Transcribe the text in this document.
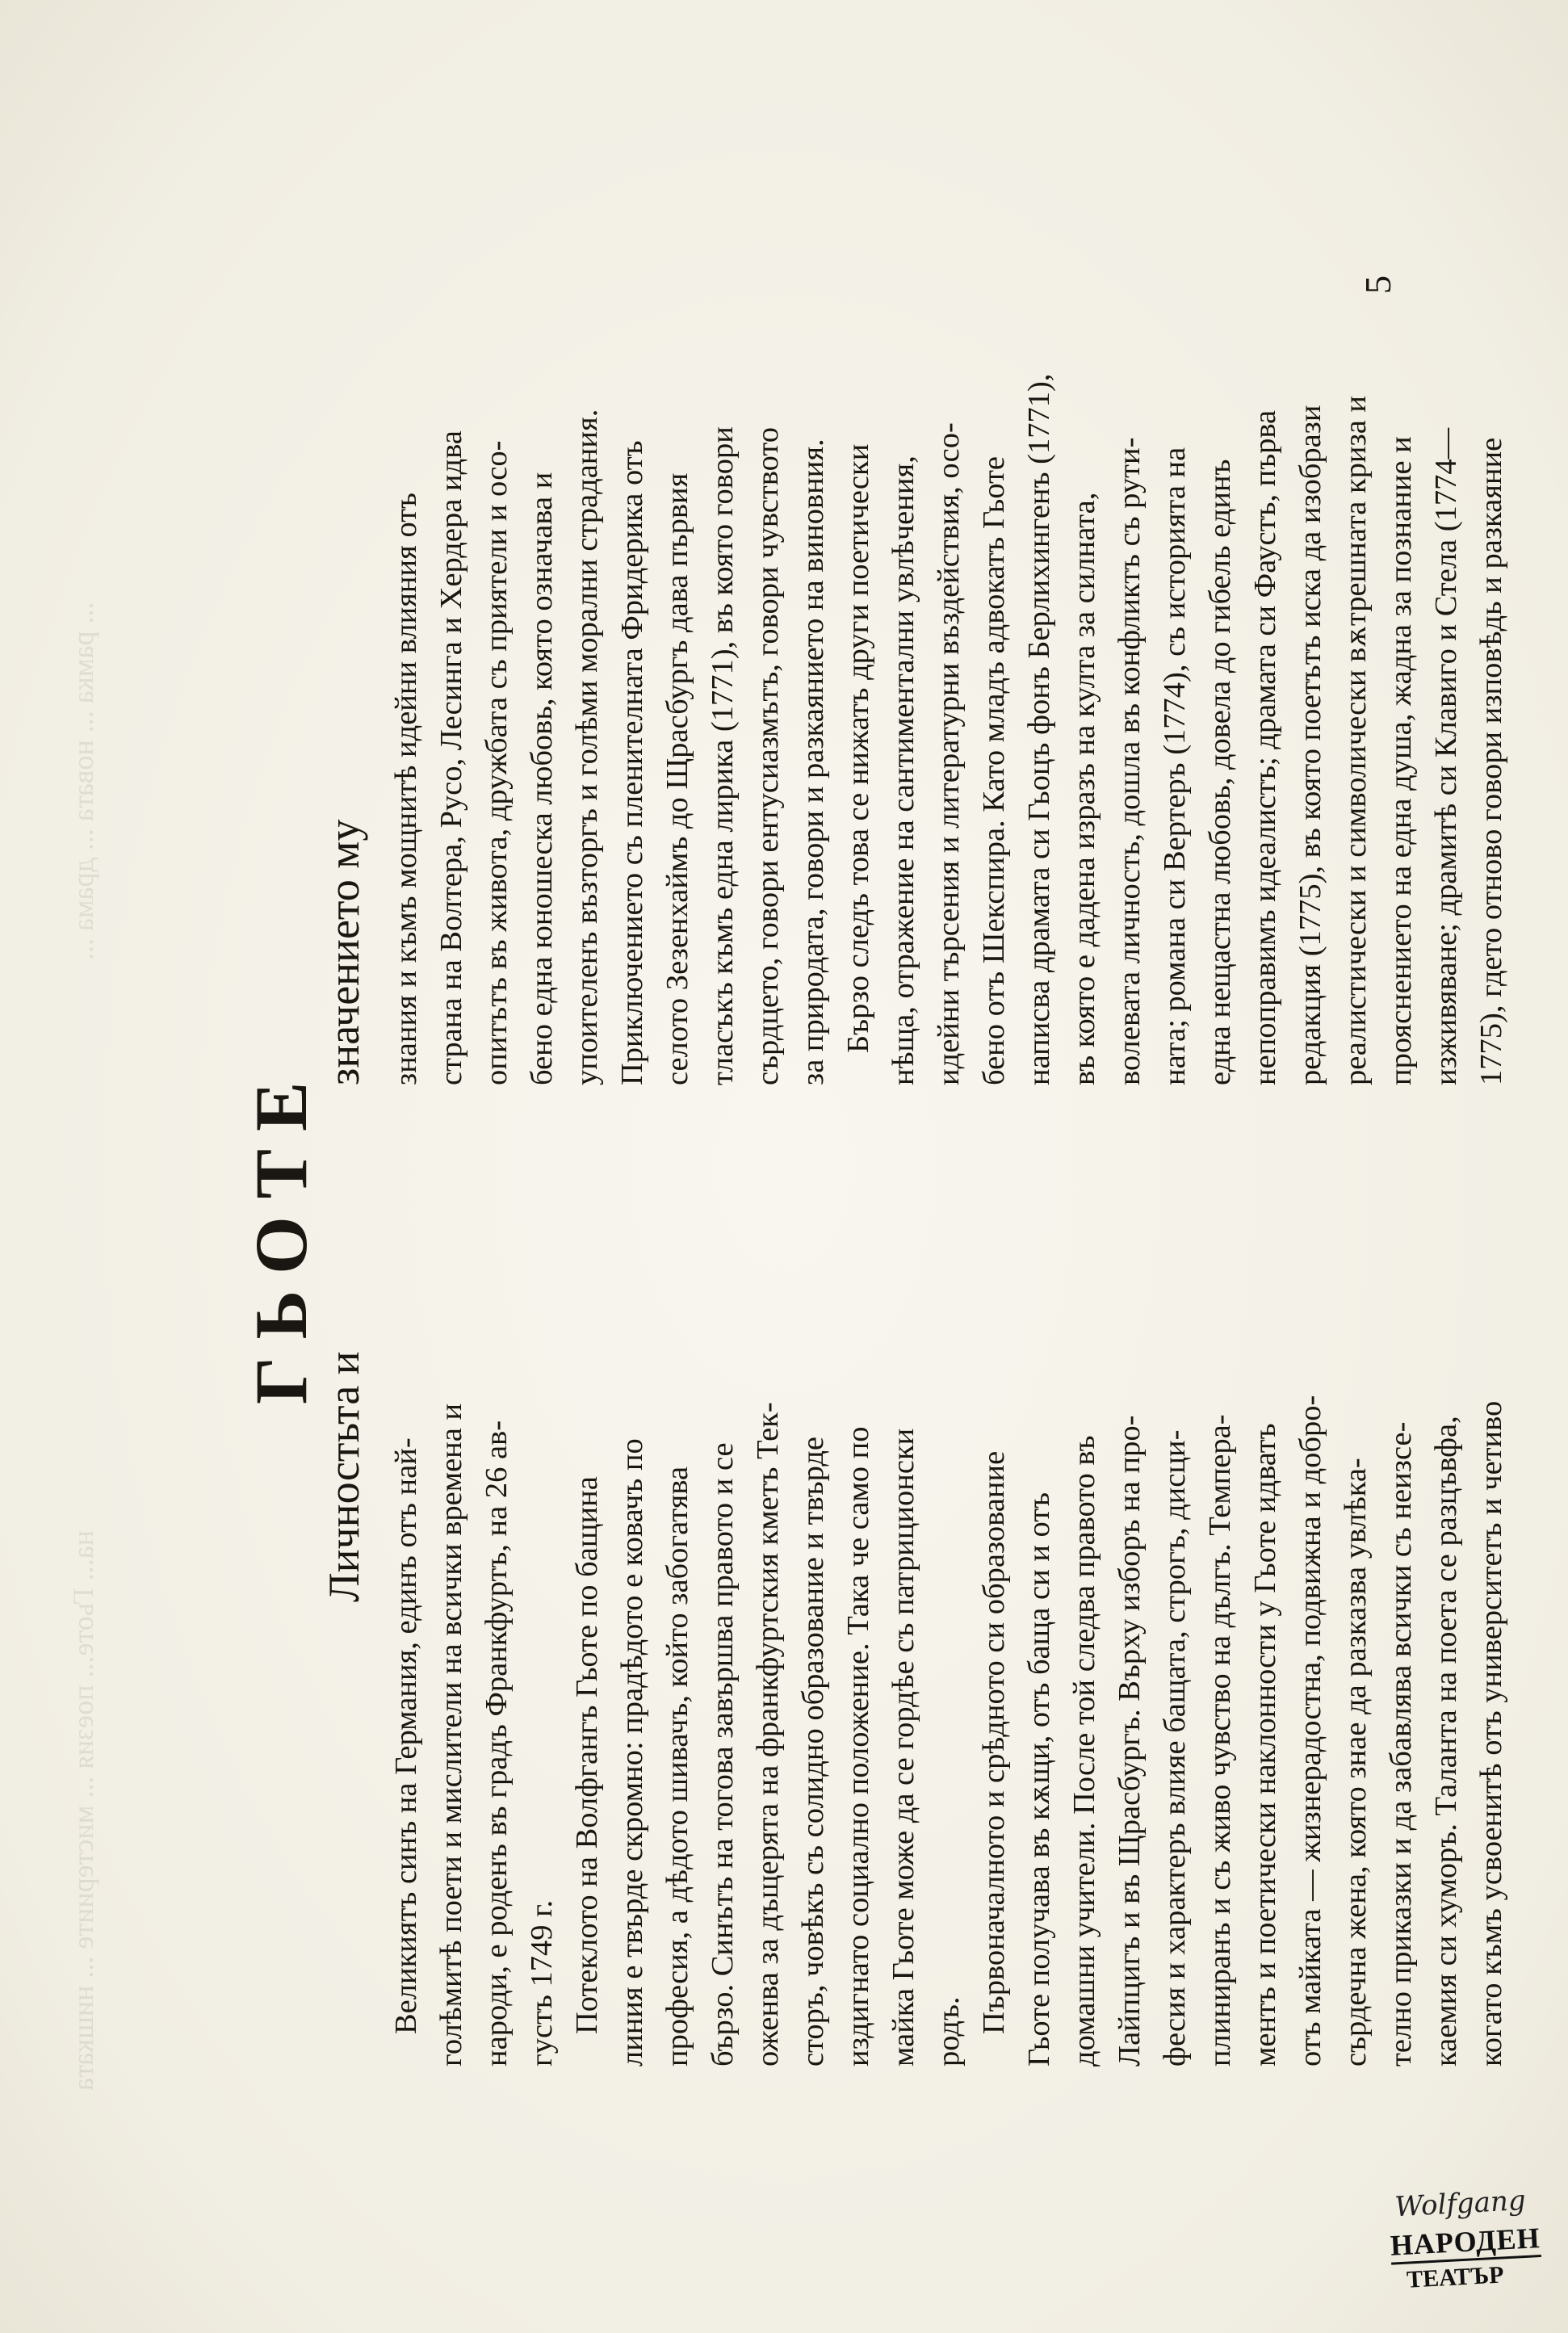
на... Гьоте... поезия ... мистериите ... нишката
... рамка ... новата ... драма ...
ГЬОТЕ
Личностьта и
значението му
Великиятъ синъ на Германия, единъ отъ най- голѣмитѣ поети и мислители на всички времена и народи, е роденъ въ градъ Франкфуртъ, на 26 ав- густъ 1749 г. Потеклото на Волфгангъ Гьоте по бащина линия е твърде скромно: прадѣдото е ковачъ по професия, а дѣдото шивачъ, който забогатява бързо. Синътъ на тогова завършва правото и се оженва за дъщерята на франкфуртския кметъ Тек- сторъ, човѣкъ съ солидно образование и твърде издигнато социално положение. Така че само по майка Гьоте може да се гордѣе съ патриционски родъ. Първоначалното и срѣдното си образование Гьоте получава въ кѫщи, отъ баща си и отъ домашни учители. После той следва правото въ Лайпцигъ и въ Щрасбургъ. Върху изборъ на про- фесия и характеръ влияе бащата, строгъ, дисци- плиниранъ и съ живо чувство на дългъ. Темпера- ментъ и поетически наклонности у Гьоте идватъ отъ майката — жизнерадостна, подвижна и добро- сърдечна жена, която знае да разказва увлѣка- телно приказки и да забавлява всички съ неизсе- каемия си хуморъ. Таланта на поета се разцъвфа, когато къмъ усвоенитѣ отъ университетъ и четиво
знания и къмъ мощнитѣ идейни влияния отъ страна на Волтера, Русо, Лесинга и Хердера идва опитътъ въ живота, дружбата съ приятели и осо- бено една юношеска любовь, която означава и упоителенъ възторгъ и голѣми морални страдания. Приключението съ пленителната Фридерика отъ селото Зезенхаймъ до Щрасбургъ дава първия тласъкъ къмъ една лирика (1771), въ която говори сърдцето, говори ентусиазмътъ, говори чувството за природата, говори и разкаянието на виновния. Бързо следъ това се нижатъ други поетически нѣща, отражение на сантиментални увлѣчения, идейни търсения и литературни въздействия, осо- бено отъ Шекспира. Като младъ адвокатъ Гьоте написва драмата си Гьоцъ фонъ Берлихингенъ (1771), въ която е дадена изразъ на култа за силната, волевата личность, дошла въ конфликтъ съ рути- ната; романа си Вертеръ (1774), съ историята на една нещастна любовь, довела до гибель единъ непоправимъ идеалистъ; драмата си Фаустъ, първа редакция (1775), въ която поетътъ иска да изобрази реалистически и символически вѫтрешната криза и прояснението на една душа, жадна за познание и изживяване; драмитѣ си Клавиго и Стела (1774— 1775), гдето отново говори изповѣдь и разкаяние
5
Wolfgang
НАРОДЕН
ТЕАТЪР
